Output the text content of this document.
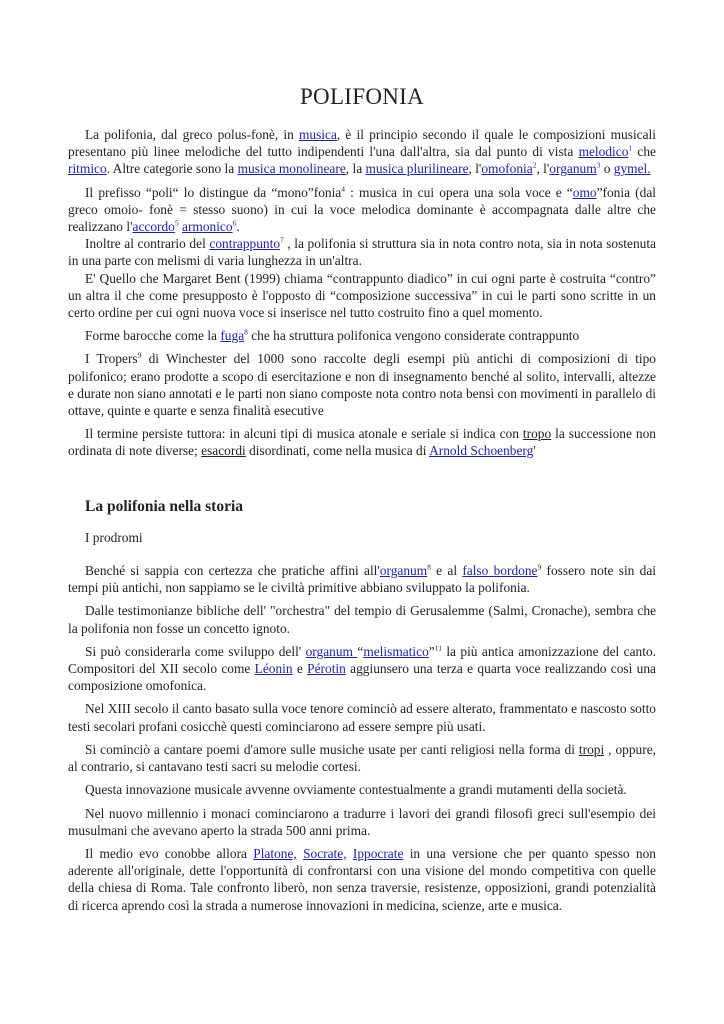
POLIFONIA

La polifonia, dal greco polus-fonè, in musica, è il principio secondo il quale le composizioni musicali presentano più linee melodiche del tutto indipendenti l'una dall'altra, sia dal punto di vista melodico$^1$ che ritmico. Altre categorie sono la musica monolineare, la musica plurilineare, l'omofonia$^2$, l'organum$^3$ o gymel.

Il prefisso “poli“ lo distingue da “mono”fonia$^4$ : musica in cui opera una sola voce e “omo”fonia (dal greco omoio- fonè = stesso suono) in cui la voce melodica dominante è accompagnata dalle altre che realizzano l'accordo$^5$ armonico$^6$.

Inoltre al contrario del contrappunto$^7$ , la polifonia si struttura sia in nota contro nota, sia in nota sostenuta in una parte con melismi di varia lunghezza in un'altra.

E' Quello che Margaret Bent (1999) chiama “contrappunto diadico” in cui ogni parte è costruita “contro” un altra il che come presupposto è l'opposto di “composizione successiva” in cui le parti sono scritte in un certo ordine per cui ogni nuova voce si inserisce nel tutto costruito fino a quel momento.

Forme barocche come la fuga$^8$ che ha struttura polifonica vengono considerate contrappunto

I Tropers$^9$ di Winchester del 1000 sono raccolte degli esempi più antichi di composizioni di tipo polifonico; erano prodotte a scopo di esercitazione e non di insegnamento benché al solito, intervalli, altezze e durate non siano annotati e le parti non siano composte nota contro nota bensì con movimenti in parallelo di ottave, quinte e quarte e senza finalità esecutive

Il termine persiste tuttora: in alcuni tipi di musica atonale e seriale si indica con tropo la successione non ordinata di note diverse; esacordi disordinati, come nella musica di Arnold Schoenberg'

La polifonia nella storia

I prodromi

Benché si sappia con certezza che pratiche affini all'organum$^8$ e al falso bordone$^9$ fossero note sin dai tempi più antichi, non sappiamo se le civiltà primitive abbiano sviluppato la polifonia.

Dalle testimonianze bibliche dell' "orchestra" del tempio di Gerusalemme (Salmi, Cronache), sembra che la polifonia non fosse un concetto ignoto.

Si può considerarla come sviluppo dell' organum “melismatico”$^{11}$ la più antica amonizzazione del canto. Compositori del XII secolo come Léonin e Pérotin aggiunsero una terza e quarta voce realizzando così una composizione omofonica.

Nel XIII secolo il canto basato sulla voce tenore cominciò ad essere alterato, frammentato e nascosto sotto testi secolari profani cosicchè questi cominciarono ad essere sempre più usati.

Si cominciò a cantare poemi d'amore sulle musiche usate per canti religiosi nella forma di tropi , oppure, al contrario, si cantavano testi sacri su melodie cortesi.

Questa innovazione musicale avvenne ovviamente contestualmente a grandi mutamenti della società.

Nel nuovo millennio i monaci cominciarono a tradurre i lavori dei grandi filosofi greci sull'esempio dei musulmani che avevano aperto la strada 500 anni prima.

Il medio evo conobbe allora Platone, Socrate, Ippocrate in una versione che per quanto spesso non aderente all'originale, dette l'opportunità di confrontarsi con una visione del mondo competitiva con quelle della chiesa di Roma. Tale confronto liberò, non senza traversie, resistenze, opposizioni, grandi potenzialità di ricerca aprendo così la strada a numerose innovazioni in medicina, scienze, arte e musica.
